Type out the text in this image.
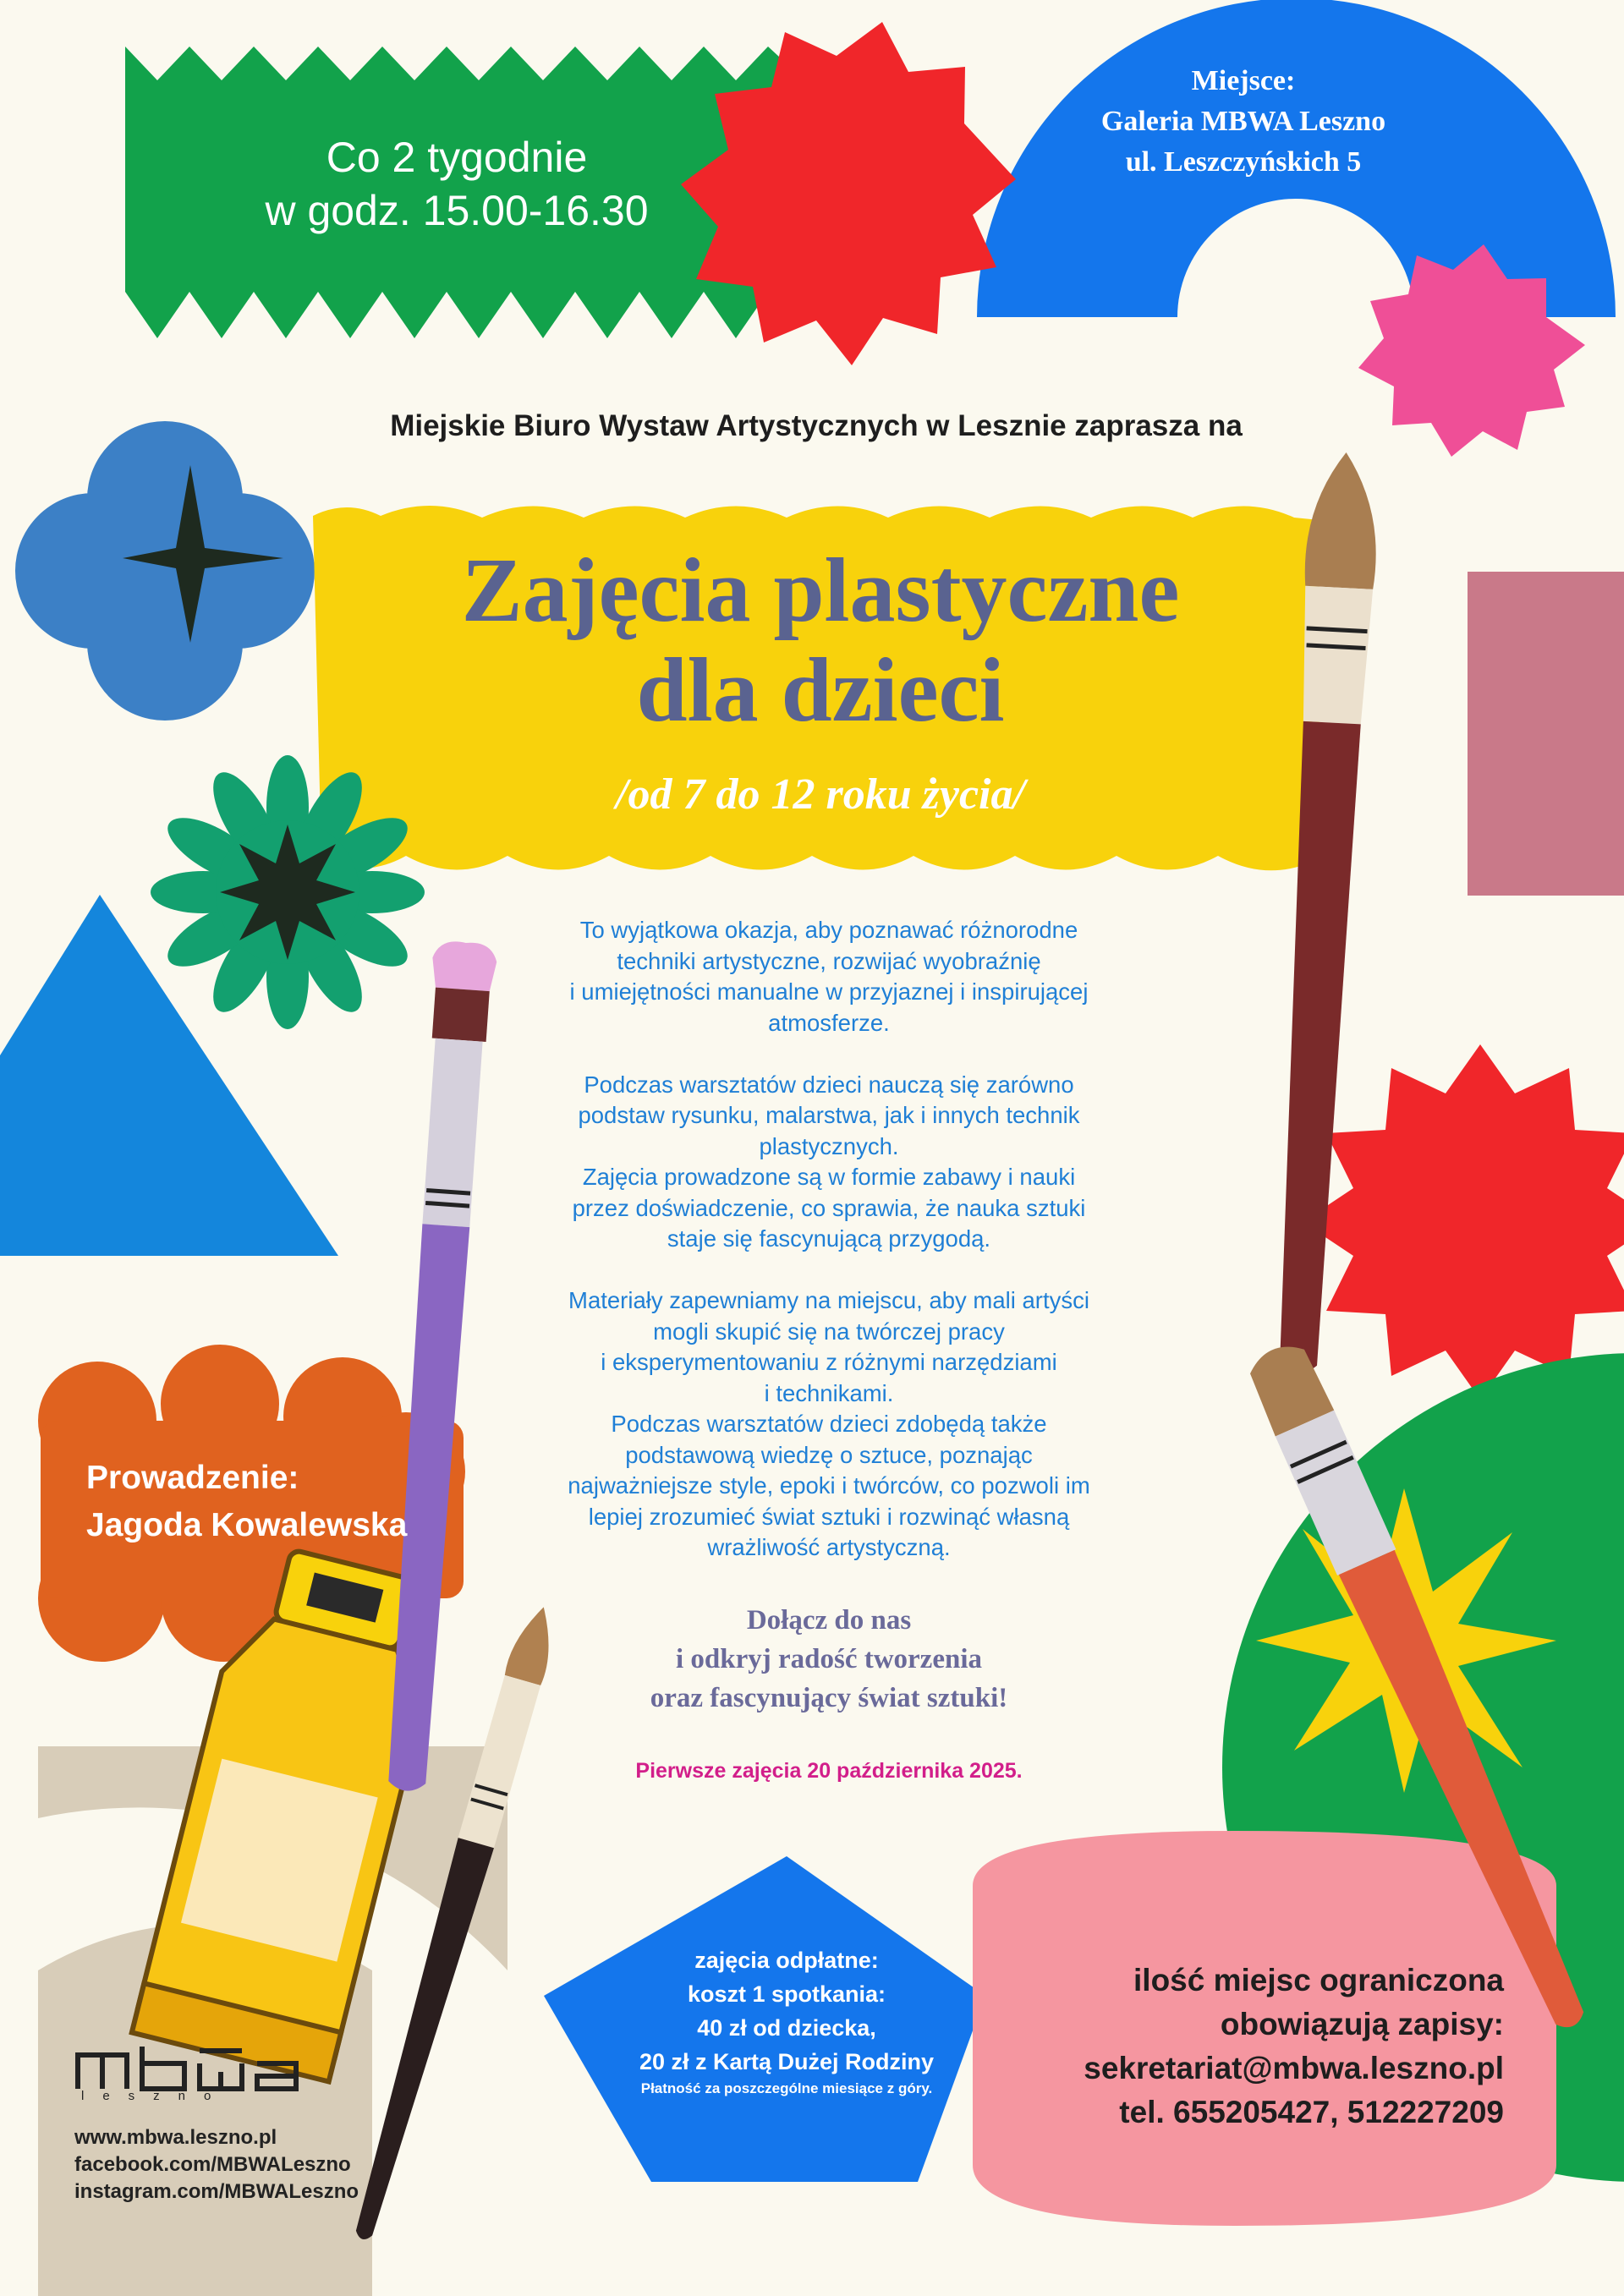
Co 2 tygodnie
w godz. 15.00-16.30
Miejsce:
Galeria MBWA Leszno
ul. Leszczyńskich 5
Miejskie Biuro Wystaw Artystycznych w Lesznie zaprasza na
Zajęcia plastyczne
dla dzieci
/od 7 do 12 roku życia/

To wyjątkowa okazja, aby poznawać różnorodne
techniki artystyczne, rozwijać wyobraźnię
i umiejętności manualne w przyjaznej i inspirującej
atmosferze.

Podczas warsztatów dzieci nauczą się zarówno
podstaw rysunku, malarstwa, jak i innych technik
plastycznych.
Zajęcia prowadzone są w formie zabawy i nauki
przez doświadczenie, co sprawia, że nauka sztuki
staje się fascynującą przygodą.

Materiały zapewniamy na miejscu, aby mali artyści
mogli skupić się na twórczej pracy
i eksperymentowaniu z różnymi narzędziami
i technikami.
Podczas warsztatów dzieci zdobędą także
podstawową wiedzę o sztuce, poznając
najważniejsze style, epoki i twórców, co pozwoli im
lepiej zrozumieć świat sztuki i rozwinąć własną
wrażliwość artystyczną.

Dołącz do nas
i odkryj radość tworzenia
oraz fascynujący świat sztuki!
Pierwsze zajęcia 20 października 2025.
Prowadzenie:
Jagoda Kowalewska
zajęcia odpłatne:
koszt 1 spotkania:
40 zł od dziecka,
20 zł z Kartą Dużej Rodziny
Płatność za poszczególne miesiące z góry.
ilość miejsc ograniczona
obowiązują zapisy:
sekretariat@mbwa.leszno.pl
tel. 655205427, 512227209
leszno
www.mbwa.leszno.pl
facebook.com/MBWALeszno
instagram.com/MBWALeszno
